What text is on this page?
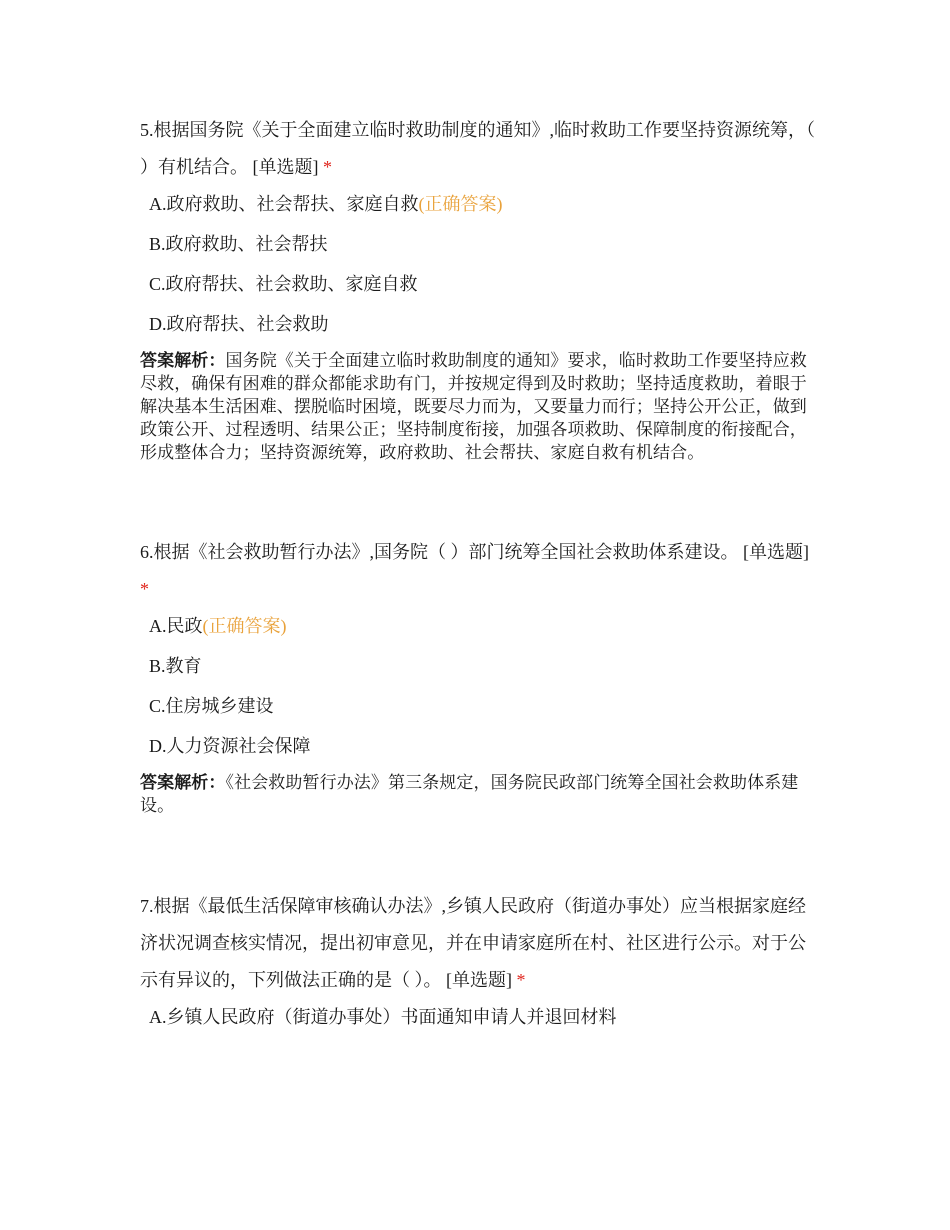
5.根据国务院《关于全面建立临时救助制度的通知》,临时救助工作要坚持资源统筹，（ ）有机结合。 [单选题] *

A.政府救助、社会帮扶、家庭自救(正确答案)
B.政府救助、社会帮扶
C.政府帮扶、社会救助、家庭自救
D.政府帮扶、社会救助
答案解析：国务院《关于全面建立临时救助制度的通知》要求，临时救助工作要坚持应救尽救，确保有困难的群众都能求助有门，并按规定得到及时救助；坚持适度救助，着眼于解决基本生活困难、摆脱临时困境，既要尽力而为，又要量力而行；坚持公开公正，做到政策公开、过程透明、结果公正；坚持制度衔接，加强各项救助、保障制度的衔接配合，形成整体合力；坚持资源统筹，政府救助、社会帮扶、家庭自救有机结合。

6.根据《社会救助暂行办法》,国务院（ ）部门统筹全国社会救助体系建设。 [单选题] *

A.民政(正确答案)
B.教育
C.住房城乡建设
D.人力资源社会保障
答案解析：《社会救助暂行办法》第三条规定，国务院民政部门统筹全国社会救助体系建设。

7.根据《最低生活保障审核确认办法》,乡镇人民政府（街道办事处）应当根据家庭经济状况调查核实情况，提出初审意见，并在申请家庭所在村、社区进行公示。对于公示有异议的，下列做法正确的是（ ）。 [单选题] *

A.乡镇人民政府（街道办事处）书面通知申请人并退回材料
